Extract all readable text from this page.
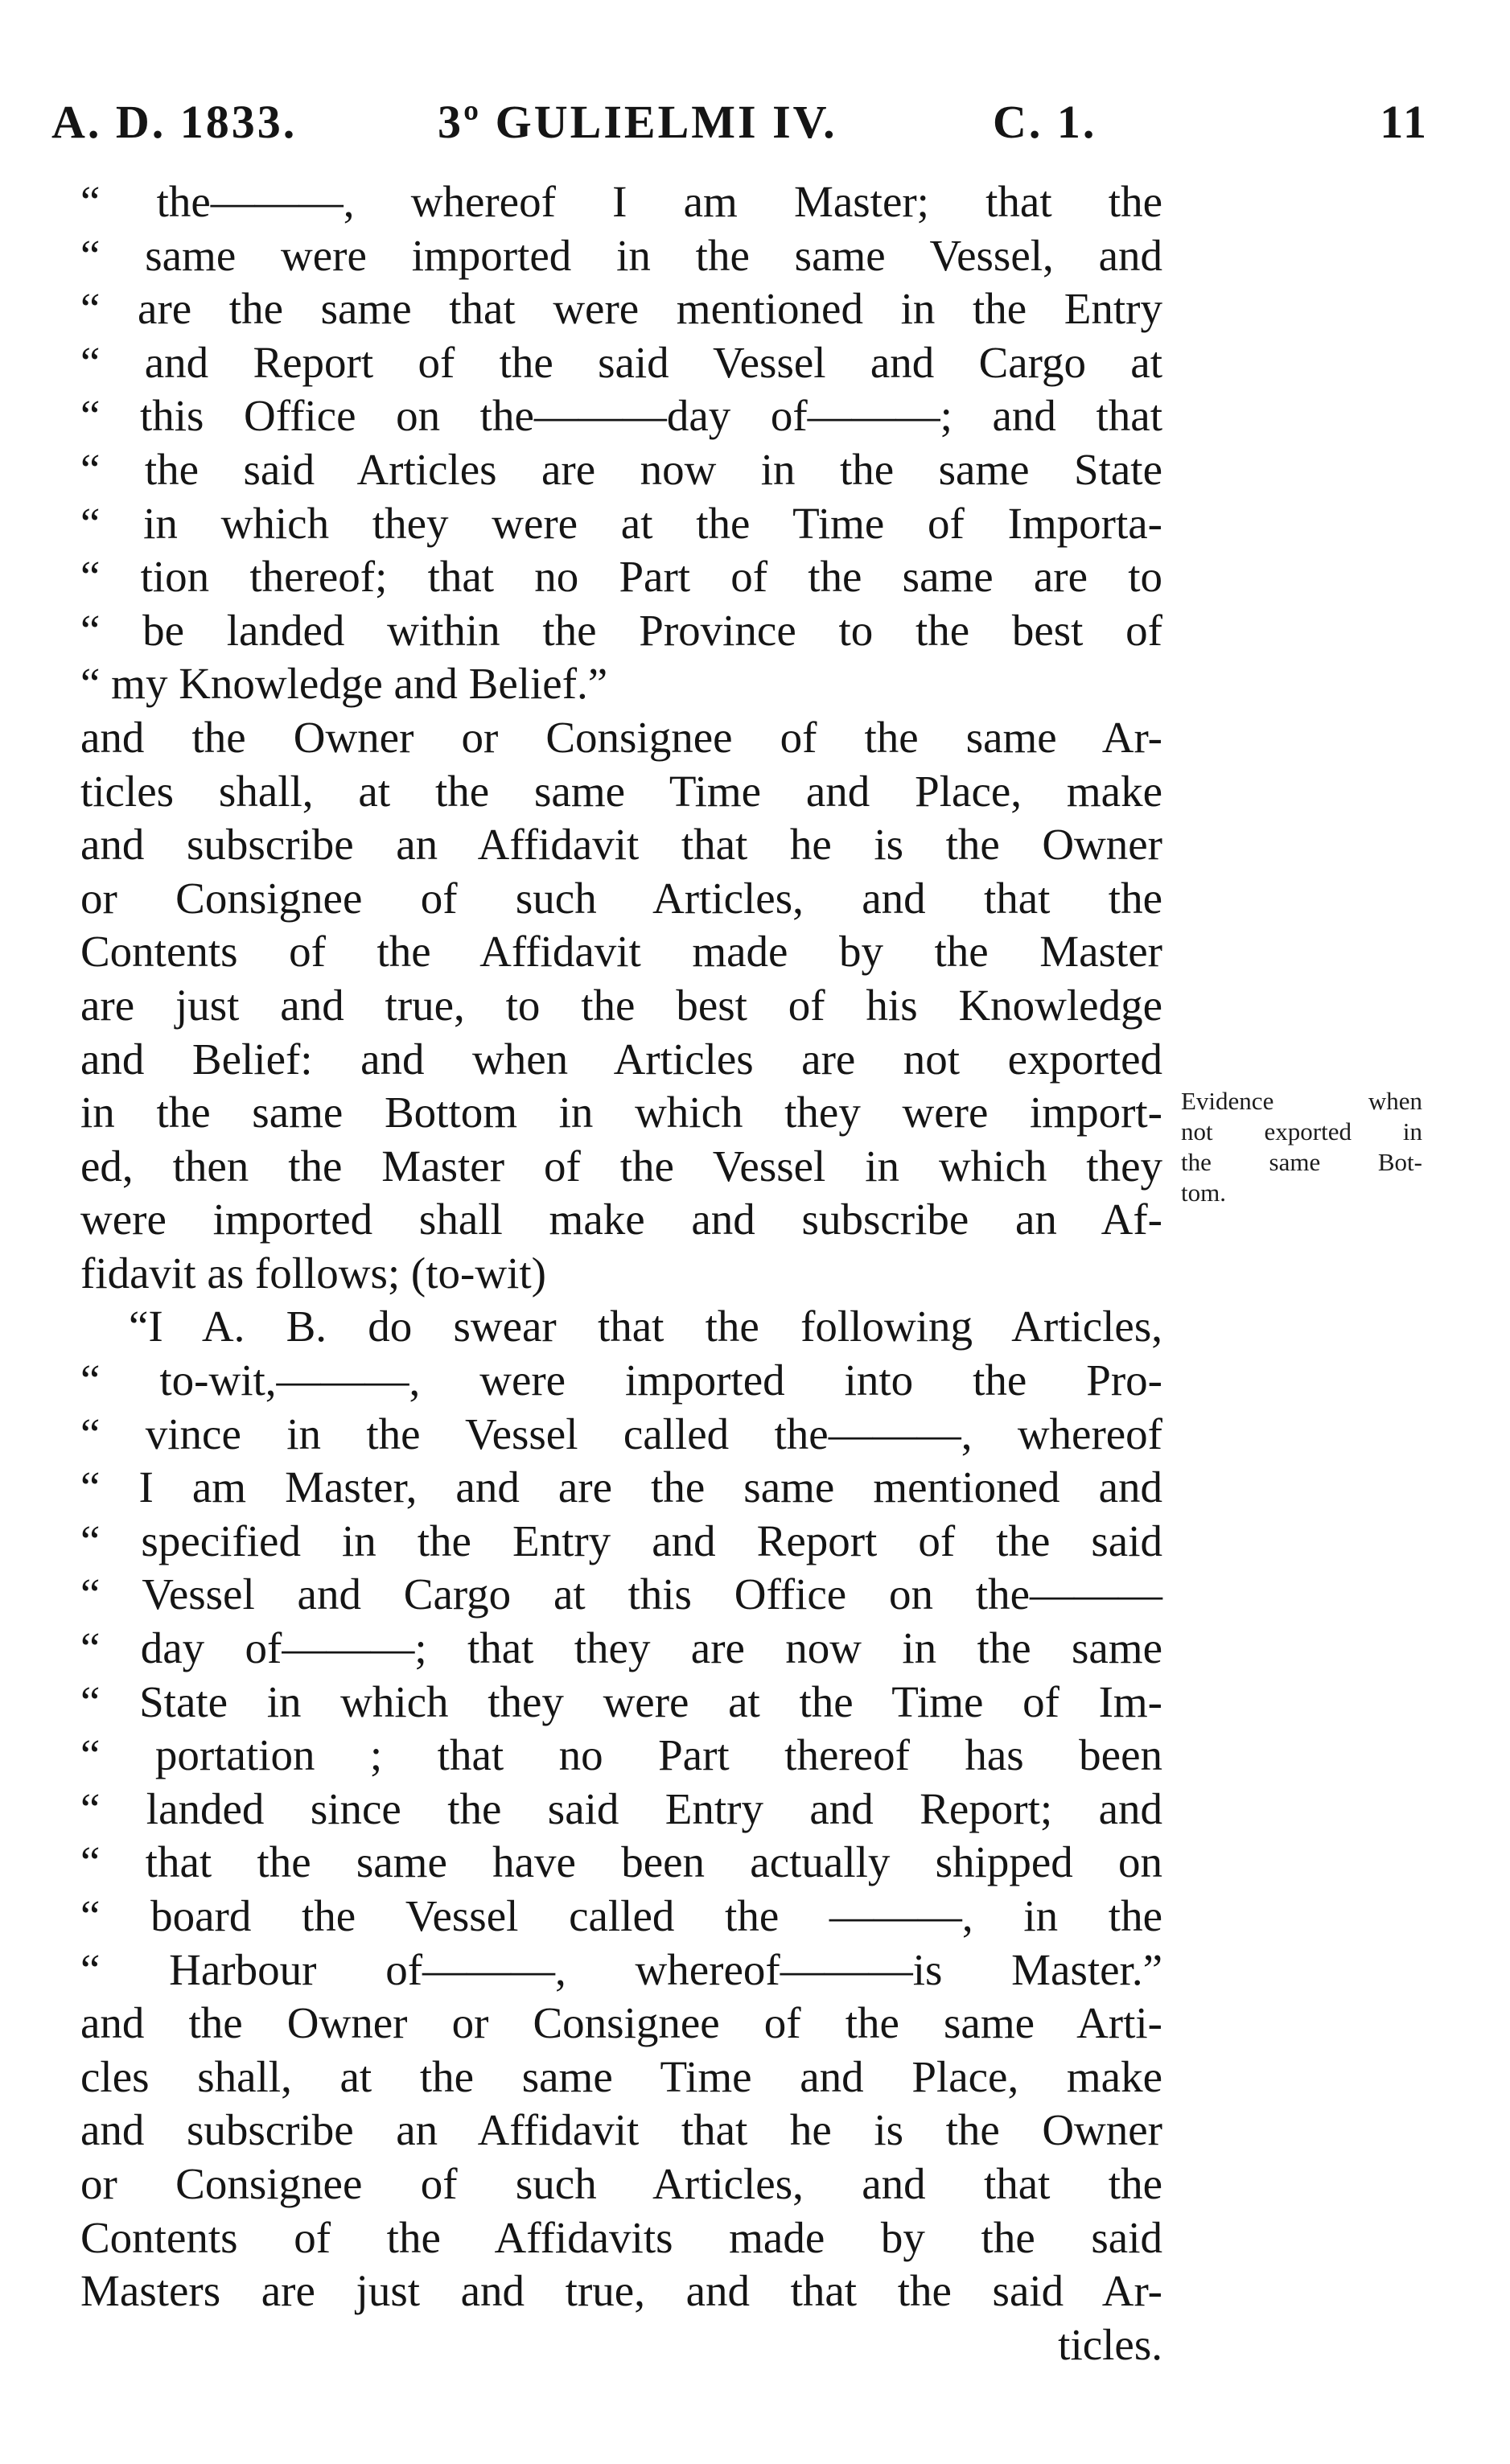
A. D. 1833.	3º GULIELMI IV.	C. 1.	11
“ the———, whereof I am Master; that the
“ same were imported in the same Vessel, and
“ are the same that were mentioned in the Entry
“ and Report of the said Vessel and Cargo at
“ this Office on the———day of———; and that
“ the said Articles are now in the same State
“ in which they were at the Time of Importa-
“ tion thereof; that no Part of the same are to
“ be landed within the Province to the best of
“ my Knowledge and Belief.”
and the Owner or Consignee of the same Ar-
ticles shall, at the same Time and Place, make
and subscribe an Affidavit that he is the Owner
or Consignee of such Articles, and that the
Contents of the Affidavit made by the Master
are just and true, to the best of his Knowledge
and Belief: and when Articles are not exported
in the same Bottom in which they were import-
ed, then the Master of the Vessel in which they
were imported shall make and subscribe an Af-
fidavit as follows; (to-wit)
“I A. B. do swear that the following Articles,
“ to-wit,———, were imported into the Pro-
“ vince in the Vessel called the———, whereof
“ I am Master, and are the same mentioned and
“ specified in the Entry and Report of the said
“ Vessel and Cargo at this Office on the———
“ day of———; that they are now in the same
“ State in which they were at the Time of Im-
“ portation ; that no Part thereof has been
“ landed since the said Entry and Report; and
“ that the same have been actually shipped on
“ board the Vessel called the ———, in the
“ Harbour of———, whereof———is Master.”
and the Owner or Consignee of the same Arti-
cles shall, at the same Time and Place, make
and subscribe an Affidavit that he is the Owner
or Consignee of such Articles, and that the
Contents of the Affidavits made by the said
Masters are just and true, and that the said Ar-
ticles.
Evidence when
not exported in
the same Bot-
tom.
